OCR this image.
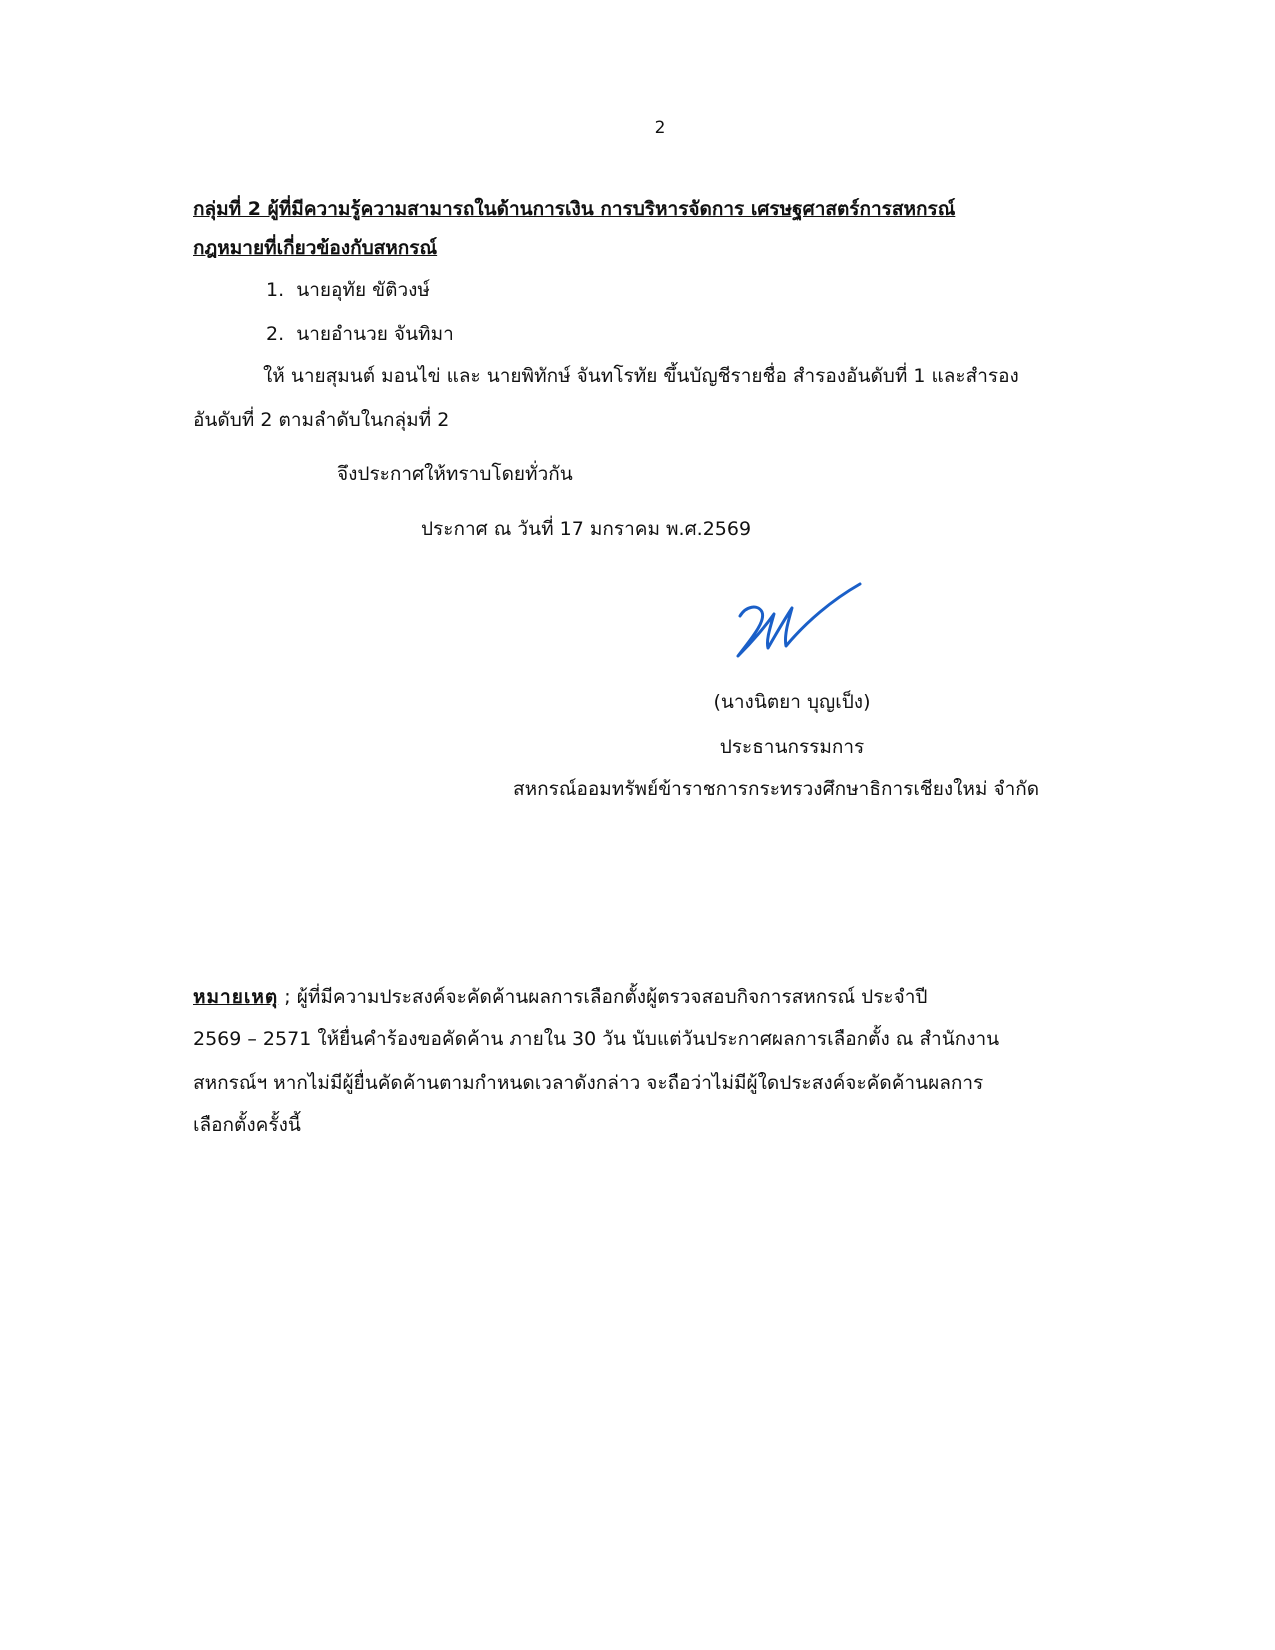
2
กลุ่มที่ 2 ผู้ที่มีความรู้ความสามารถในด้านการเงิน การบริหารจัดการ เศรษฐศาสตร์การสหกรณ์
กฎหมายที่เกี่ยวข้องกับสหกรณ์
1. นายอุทัย ขัติวงษ์
2. นายอำนวย จันทิมา
ให้ นายสุมนต์ มอนไข่ และ นายพิทักษ์ จันทโรทัย ขึ้นบัญชีรายชื่อ สำรองอันดับที่ 1 และสำรอง
อันดับที่ 2 ตามลำดับในกลุ่มที่ 2
จึงประกาศให้ทราบโดยทั่วกัน
ประกาศ ณ วันที่ 17 มกราคม พ.ศ.2569
(นางนิตยา บุญเป็ง)
ประธานกรรมการ
สหกรณ์ออมทรัพย์ข้าราชการกระทรวงศึกษาธิการเชียงใหม่ จำกัด
หมายเหตุ ; ผู้ที่มีความประสงค์จะคัดค้านผลการเลือกตั้งผู้ตรวจสอบกิจการสหกรณ์ ประจำปี
2569 – 2571 ให้ยื่นคำร้องขอคัดค้าน ภายใน 30 วัน นับแต่วันประกาศผลการเลือกตั้ง ณ สำนักงาน
สหกรณ์ฯ หากไม่มีผู้ยื่นคัดค้านตามกำหนดเวลาดังกล่าว จะถือว่าไม่มีผู้ใดประสงค์จะคัดค้านผลการ
เลือกตั้งครั้งนี้
